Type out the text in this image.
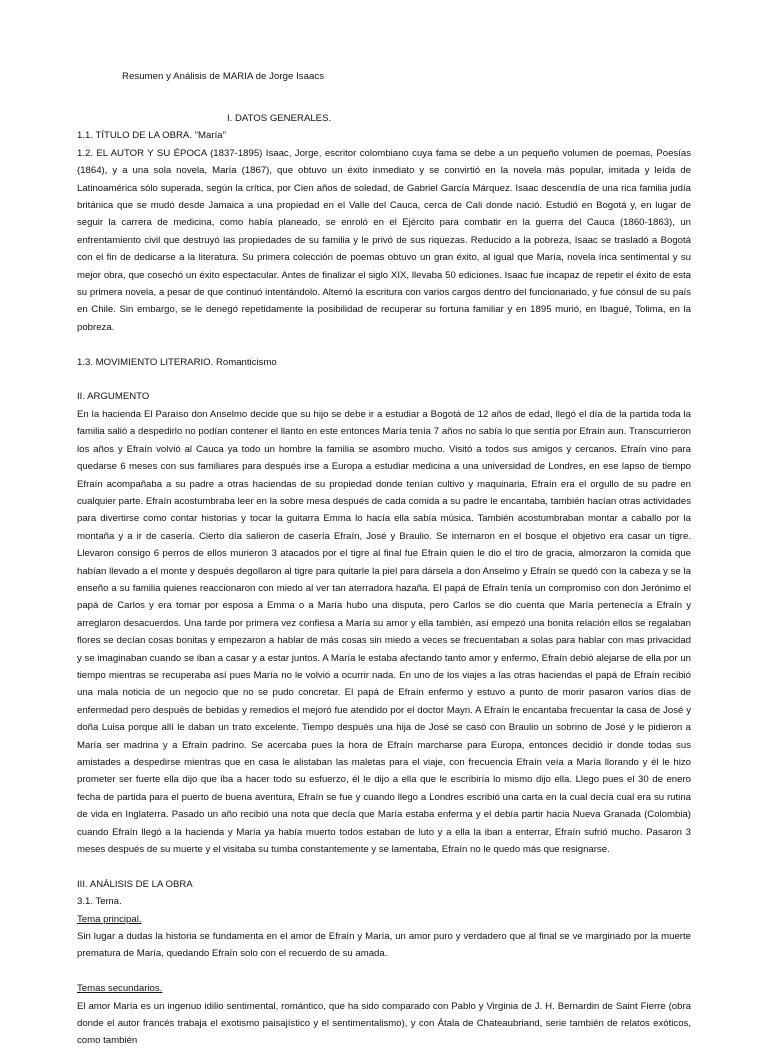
Resumen y Análisis de MARIA de Jorge Isaacs

I. DATOS GENERALES.

1.1. TÍTULO DE LA OBRA. "María"

1.2. EL AUTOR Y SU ÉPOCA (1837-1895) Isaac, Jorge, escritor colombiano cuya fama se debe a un pequeño volumen de poemas, Poesías (1864), y a una sola novela, María (1867), que obtuvo un éxito inmediato y se convirtió en la novela más popular, imitada y leída de Latinoamérica sólo superada, según la crítica, por Cien años de soledad, de Gabriel García Márquez. Isaac descendía de una rica familia judía británica que se mudó desde Jamaica a una propiedad en el Valle del Cauca, cerca de Cali donde nació. Estudió en Bogotá y, en lugar de seguir la carrera de medicina, como había planeado, se enroló en el Ejército para combatir en la guerra del Cauca (1860-1863), un enfrentamiento civil que destruyó las propiedades de su familia y le privó de sus riquezas. Reducido a la pobreza, Isaac se trasladó a Bogotá con el fin de dedicarse a la literatura. Su primera colección de poemas obtuvo un gran éxito, al igual que María, novela írica sentimental y su mejor obra, que cosechó un éxito espectacular. Antes de finalizar el siglo XIX, llevaba 50 ediciones. Isaac fue incapaz de repetir el éxito de esta su primera novela, a pesar de que continuó intentándolo. Alternó la escritura con varios cargos dentro del funcionariado, y fue cónsul de su país en Chile. Sin embargo, se le denegó repetidamente la posibilidad de recuperar su fortuna familiar y en 1895 murió, en Ibagué, Tolima, en la pobreza.

1.3. MOVIMIENTO LITERARIO. Romanticismo

II. ARGUMENTO

En la hacienda El Paraíso don Anselmo decide que su hijo se debe ir a estudiar a Bogotá de 12 años de edad, llegó el día de la partida toda la familia salió a despedirlo no podían contener el llanto en este entonces María tenía 7 años no sabía lo que sentía por Efraín aun. Transcurrieron los años y Efraín volvió al Cauca ya todo un hombre la familia se asombro mucho. Visitó a todos sus amigos y cercanos. Efraín vino para quedarse 6 meses con sus familiares para después irse a Europa a estudiar medicina a una universidad de Londres, en ese lapso de tiempo Efraín acompañaba a su padre a otras haciendas de su propiedad donde tenían cultivo y maquinaria, Efraín era el orgullo de su padre en cualquier parte. Efraín acostumbraba leer en la sobre mesa después de cada comida a su padre le encantaba, también hacían otras actividades para divertirse como contar historias y tocar la guitarra Emma lo hacía ella sabía música. También acostumbraban montar a caballo por la montaña y a ir de casería. Cierto día salieron de casería Efraín, José y Braulio. Se internaron en el bosque el objetivo era casar un tigre. Llevaron consigo 6 perros de ellos murieron 3 atacados por el tigre al final fue Efraín quien le dio el tiro de gracia, almorzaron la comida que habían llevado a el monte y después degollaron al tigre para quitarle la piel para dársela a don Anselmo y Efraín se quedó con la cabeza y se la enseño a su familia quienes reaccionaron con miedo al ver tan aterradora hazaña. El papá de Efraín tenía un compromiso con don Jerónimo el papá de Carlos y era tomar por esposa a Emma o a María hubo una disputa, pero Carlos se dio cuenta que María pertenecía a Efraín y arreglaron desacuerdos. Una tarde por primera vez confiesa a María su amor y ella también, así empezó una bonita relación ellos se regalaban flores se decían cosas bonitas y empezaron a hablar de más cosas sin miedo a veces se frecuentaban a solas para hablar con mas privacidad y se imaginaban cuando se iban a casar y a estar juntos. A María le estaba afectando tanto amor y enfermo, Efraín debió alejarse de ella por un tiempo mientras se recuperaba así pues María no le volvió a ocurrir nada. En uno de los viajes a las otras haciendas el papá de Efraín recibió una mala noticia de un negocio que no se pudo concretar. El papá de Efraín enfermo y estuvo a punto de morir pasaron varios días de enfermedad pero después de bebidas y remedios el mejoró fue atendido por el doctor Mayn. A Efraín le encantaba frecuentar la casa de José y doña Luisa porque allí le daban un trato excelente. Tiempo después una hija de José se casó con Braulio un sobrino de José y le pidieron a María ser madrina y a Efraín padrino. Se acercaba pues la hora de Efraín marcharse para Europa, entonces decidió ir donde todas sus amistades a despedirse mientras que en casa le alistaban las maletas para el viaje, con frecuencia Efraín veía a María llorando y él le hizo prometer ser fuerte ella dijo que iba a hacer todo su esfuerzo, él le dijo a ella que le escribiría lo mismo dijo ella. Llego pues el 30 de enero fecha de partida para el puerto de buena aventura, Efraín se fue y cuando llego a Londres escribió una carta en la cual decía cual era su rutina de vida en Inglaterra. Pasado un año recibió una nota que decía que María estaba enferma y el debía partir hacia Nueva Granada (Colombia) cuando Efraín llegó a la hacienda y María ya había muerto todos estaban de luto y a ella la iban a enterrar, Efraín sufrió mucho. Pasaron 3 meses después de su muerte y el visitaba su tumba constantemente y se lamentaba, Efraín no le quedo más que resignarse.

III. ANÁLISIS DE LA OBRA

3.1. Tema.

Tema principal.

Sin lugar a dudas la historia se fundamenta en el amor de Efraín y María, un amor puro y verdadero que al final se ve marginado por la muerte prematura de María, quedando Efraín solo con el recuerdo de su amada.

Temas secundarios.

El amor María es un ingenuo idilio sentimental, romántico, que ha sido comparado con Pablo y Virginia de J. H. Bernardin de Saint Fierre (obra donde el autor francés trabaja el exotismo paisajístico y el sentimentalismo), y con Átala de Chateaubriand, serie también de relatos exóticos, como también
